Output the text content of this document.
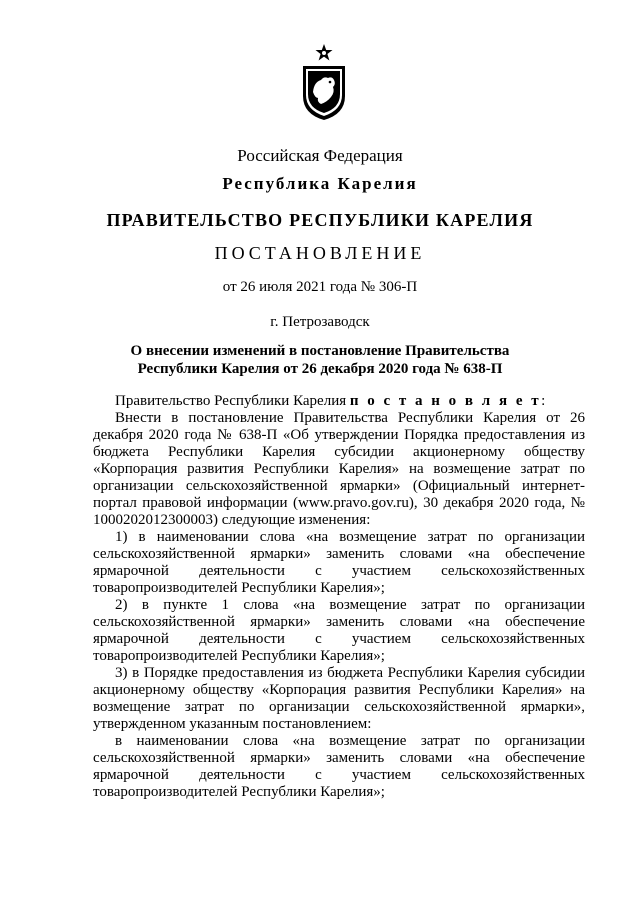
Российская Федерация
Республика Карелия
ПРАВИТЕЛЬСТВО РЕСПУБЛИКИ КАРЕЛИЯ
ПОСТАНОВЛЕНИЕ
от 26 июля 2021 года № 306-П
г. Петрозаводск
О внесении изменений в постановление Правительства
Республики Карелия от 26 декабря 2020 года № 638-П

Правительство Республики Карелия п о с т а н о в л я е т:

Внести в постановление Правительства Республики Карелия от 26 декабря 2020 года № 638-П «Об утверждении Порядка предоставления из бюджета Республики Карелия субсидии акционерному обществу «Корпорация развития Республики Карелия» на возмещение затрат по организации сельскохозяйственной ярмарки» (Официальный интернет-портал правовой информации (www.pravo.gov.ru), 30 декабря 2020 года, № 1000202012300003) следующие изменения:

1) в наименовании слова «на возмещение затрат по организации сельскохозяйственной ярмарки» заменить словами «на обеспечение ярмарочной деятельности с участием сельскохозяйственных товаропроизводителей Республики Карелия»;

2) в пункте 1 слова «на возмещение затрат по организации сельскохозяйственной ярмарки» заменить словами «на обеспечение ярмарочной деятельности с участием сельскохозяйственных товаропроизводителей Республики Карелия»;

3) в Порядке предоставления из бюджета Республики Карелия субсидии акционерному обществу «Корпорация развития Республики Карелия» на возмещение затрат по организации сельскохозяйственной ярмарки», утвержденном указанным постановлением:

в наименовании слова «на возмещение затрат по организации сельскохозяйственной ярмарки» заменить словами «на обеспечение ярмарочной деятельности с участием сельскохозяйственных товаропроизводителей Республики Карелия»;
